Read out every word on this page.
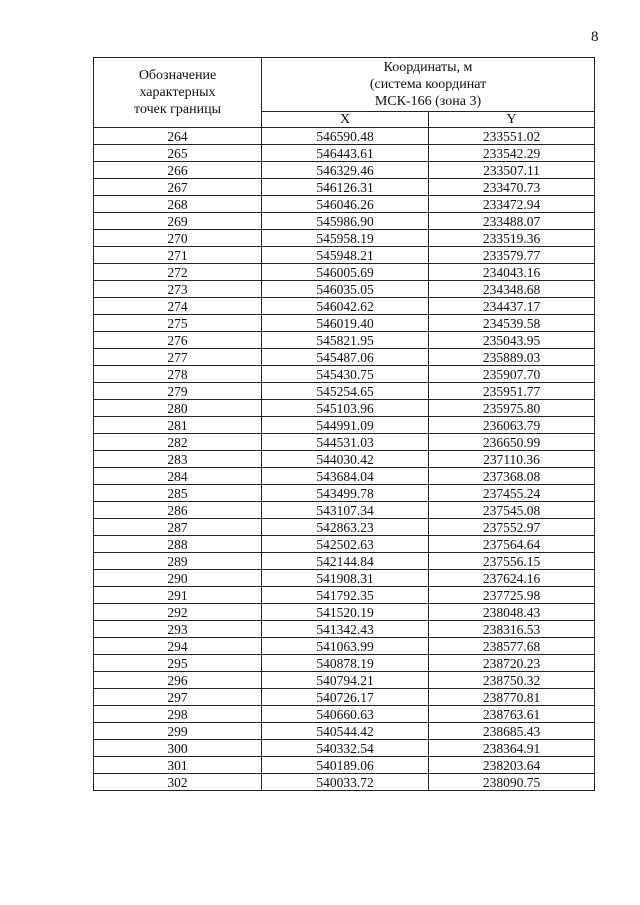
8
Обозначение
характерных
точек границы	Координаты, м
(система координат
МСК-166 (зона 3)	

	X	Y
264	546590.48	233551.02
265	546443.61	233542.29
266	546329.46	233507.11
267	546126.31	233470.73
268	546046.26	233472.94
269	545986.90	233488.07
270	545958.19	233519.36
271	545948.21	233579.77
272	546005.69	234043.16
273	546035.05	234348.68
274	546042.62	234437.17
275	546019.40	234539.58
276	545821.95	235043.95
277	545487.06	235889.03
278	545430.75	235907.70
279	545254.65	235951.77
280	545103.96	235975.80
281	544991.09	236063.79
282	544531.03	236650.99
283	544030.42	237110.36
284	543684.04	237368.08
285	543499.78	237455.24
286	543107.34	237545.08
287	542863.23	237552.97
288	542502.63	237564.64
289	542144.84	237556.15
290	541908.31	237624.16
291	541792.35	237725.98
292	541520.19	238048.43
293	541342.43	238316.53
294	541063.99	238577.68
295	540878.19	238720.23
296	540794.21	238750.32
297	540726.17	238770.81
298	540660.63	238763.61
299	540544.42	238685.43
300	540332.54	238364.91
301	540189.06	238203.64
302	540033.72	238090.75
